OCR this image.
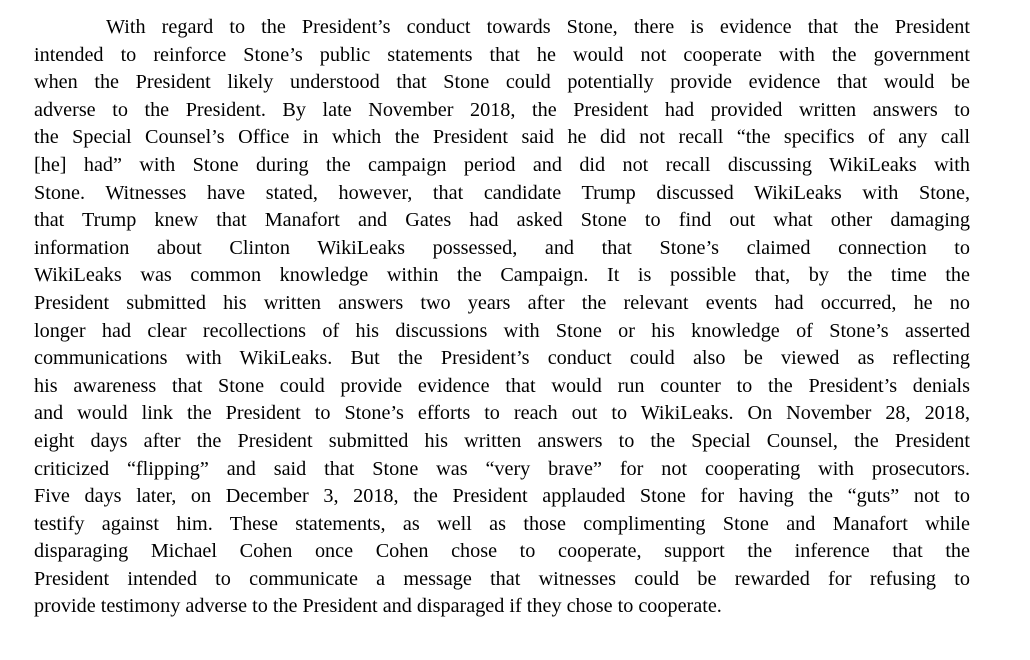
With regard to the President’s conduct towards Stone, there is evidence that the President
intended to reinforce Stone’s public statements that he would not cooperate with the government
when the President likely understood that Stone could potentially provide evidence that would be
adverse to the President. By late November 2018, the President had provided written answers to
the Special Counsel’s Office in which the President said he did not recall “the specifics of any call
[he] had” with Stone during the campaign period and did not recall discussing WikiLeaks with
Stone. Witnesses have stated, however, that candidate Trump discussed WikiLeaks with Stone,
that Trump knew that Manafort and Gates had asked Stone to find out what other damaging
information about Clinton WikiLeaks possessed, and that Stone’s claimed connection to
WikiLeaks was common knowledge within the Campaign. It is possible that, by the time the
President submitted his written answers two years after the relevant events had occurred, he no
longer had clear recollections of his discussions with Stone or his knowledge of Stone’s asserted
communications with WikiLeaks. But the President’s conduct could also be viewed as reflecting
his awareness that Stone could provide evidence that would run counter to the President’s denials
and would link the President to Stone’s efforts to reach out to WikiLeaks. On November 28, 2018,
eight days after the President submitted his written answers to the Special Counsel, the President
criticized “flipping” and said that Stone was “very brave” for not cooperating with prosecutors.
Five days later, on December 3, 2018, the President applauded Stone for having the “guts” not to
testify against him. These statements, as well as those complimenting Stone and Manafort while
disparaging Michael Cohen once Cohen chose to cooperate, support the inference that the
President intended to communicate a message that witnesses could be rewarded for refusing to
provide testimony adverse to the President and disparaged if they chose to cooperate.
